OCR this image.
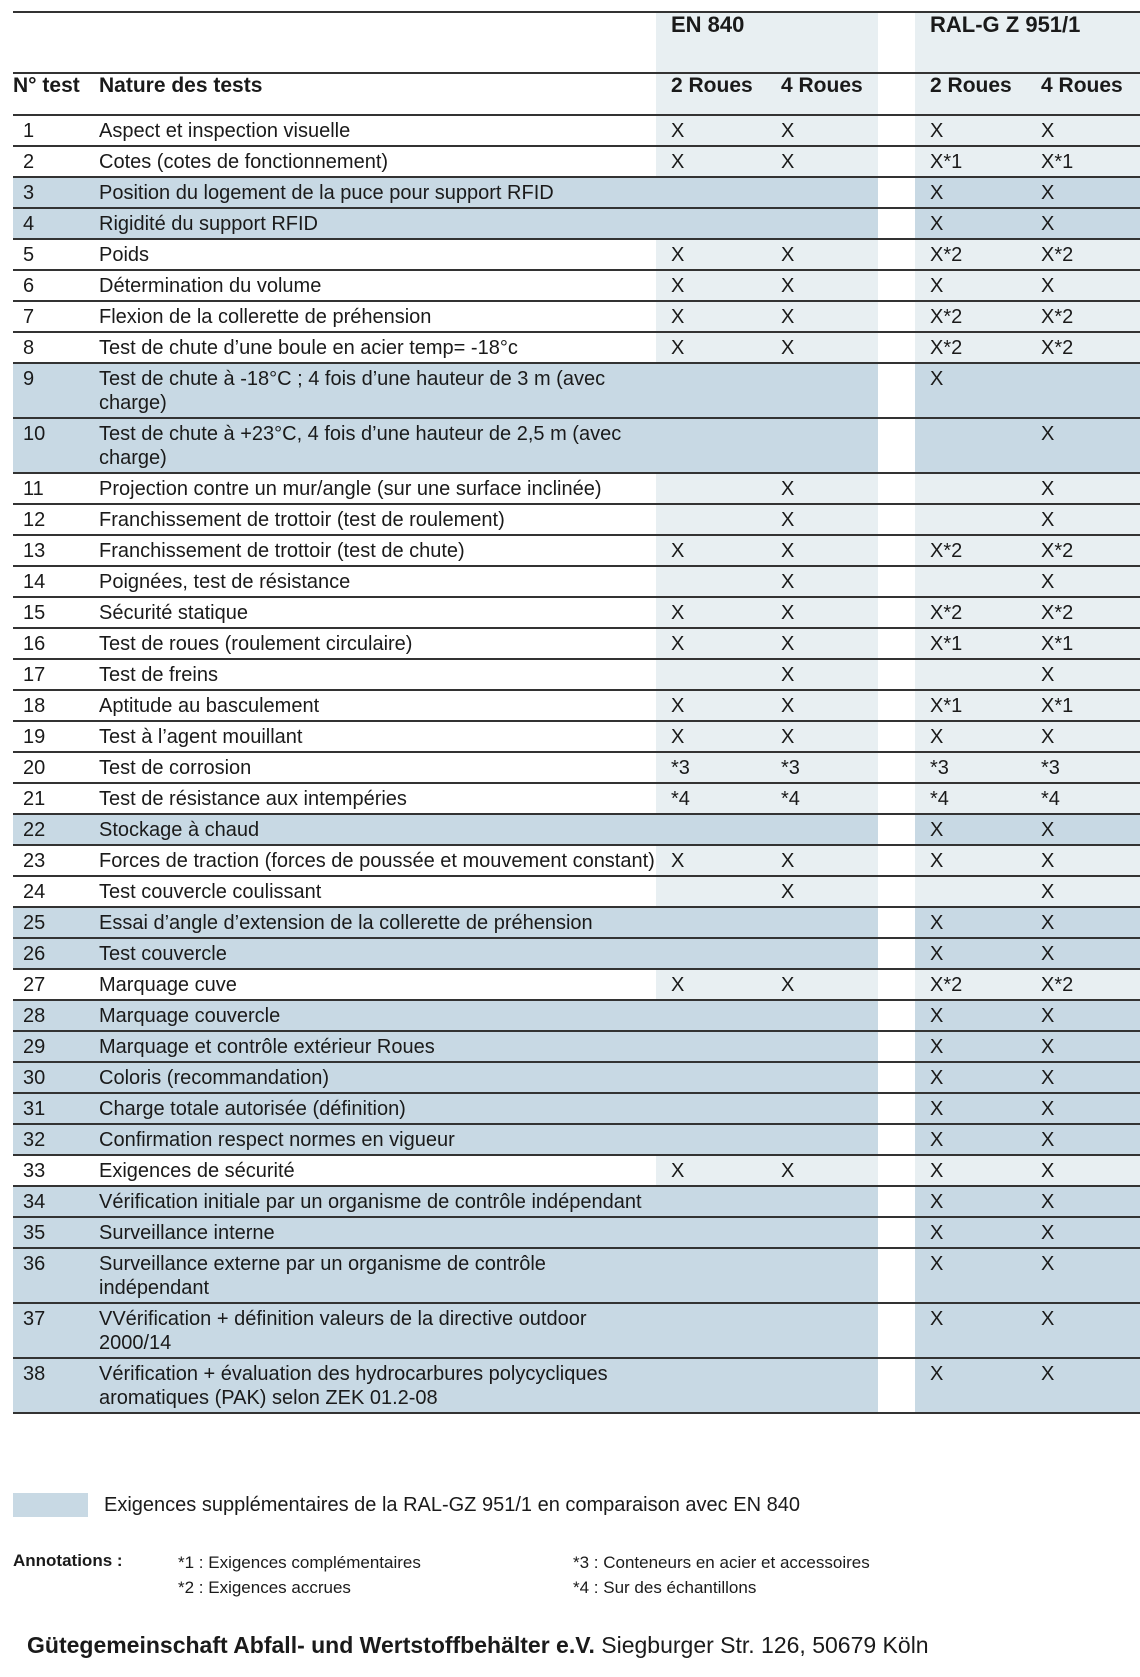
		EN 840			RAL-G Z 951/1	
N° test	Nature des tests	2 Roues	4 Roues		2 Roues	4 Roues
1	Aspect et inspection visuelle	X	X		X	X
2	Cotes (cotes de fonctionnement)	X	X		X*1	X*1
3	Position du logement de la puce pour support RFID				X	X
4	Rigidité du support RFID				X	X
5	Poids	X	X		X*2	X*2
6	Détermination du volume	X	X		X	X
7	Flexion de la collerette de préhension	X	X		X*2	X*2
8	Test de chute d’une boule en acier temp= -18°c	X	X		X*2	X*2
9	Test de chute à -18°C ; 4 fois d’une hauteur de 3 m (avec charge)				X	
10	Test de chute à +23°C, 4 fois d’une hauteur de 2,5 m (avec charge)					X
11	Projection contre un mur/angle (sur une surface inclinée)		X			X
12	Franchissement de trottoir (test de roulement)		X			X
13	Franchissement de trottoir (test de chute)	X	X		X*2	X*2
14	Poignées, test de résistance		X			X
15	Sécurité statique	X	X		X*2	X*2
16	Test de roues (roulement circulaire)	X	X		X*1	X*1
17	Test de freins		X			X
18	Aptitude au basculement	X	X		X*1	X*1
19	Test à l’agent mouillant	X	X		X	X
20	Test de corrosion	*3	*3		*3	*3
21	Test de résistance aux intempéries	*4	*4		*4	*4
22	Stockage à chaud				X	X
23	Forces de traction (forces de poussée et mouvement constant)	X	X		X	X
24	Test couvercle coulissant		X			X
25	Essai d’angle d’extension de la collerette de préhension				X	X
26	Test couvercle				X	X
27	Marquage cuve	X	X		X*2	X*2
28	Marquage couvercle				X	X
29	Marquage et contrôle extérieur Roues				X	X
30	Coloris (recommandation)				X	X
31	Charge totale autorisée (définition)				X	X
32	Confirmation respect normes en vigueur				X	X
33	Exigences de sécurité	X	X		X	X
34	Vérification initiale par un organisme de contrôle indépendant				X	X
35	Surveillance interne				X	X
36	Surveillance externe par un organisme de contrôle indépendant				X	X
37	VVérification + définition valeurs de la directive outdoor 2000/14				X	X
38	Vérification + évaluation des hydrocarbures polycycliques aromatiques (PAK) selon ZEK 01.2-08				X	X
Exigences supplémentaires de la RAL-GZ 951/1 en comparaison avec EN 840
Annotations :	*1 : Exigences complémentaires
*2 : Exigences accrues
*3 : Conteneurs en acier et accessoires
*4 : Sur des échantillons
Gütegemeinschaft Abfall- und Wertstoffbehälter e.V. Siegburger Str. 126, 50679 Köln
